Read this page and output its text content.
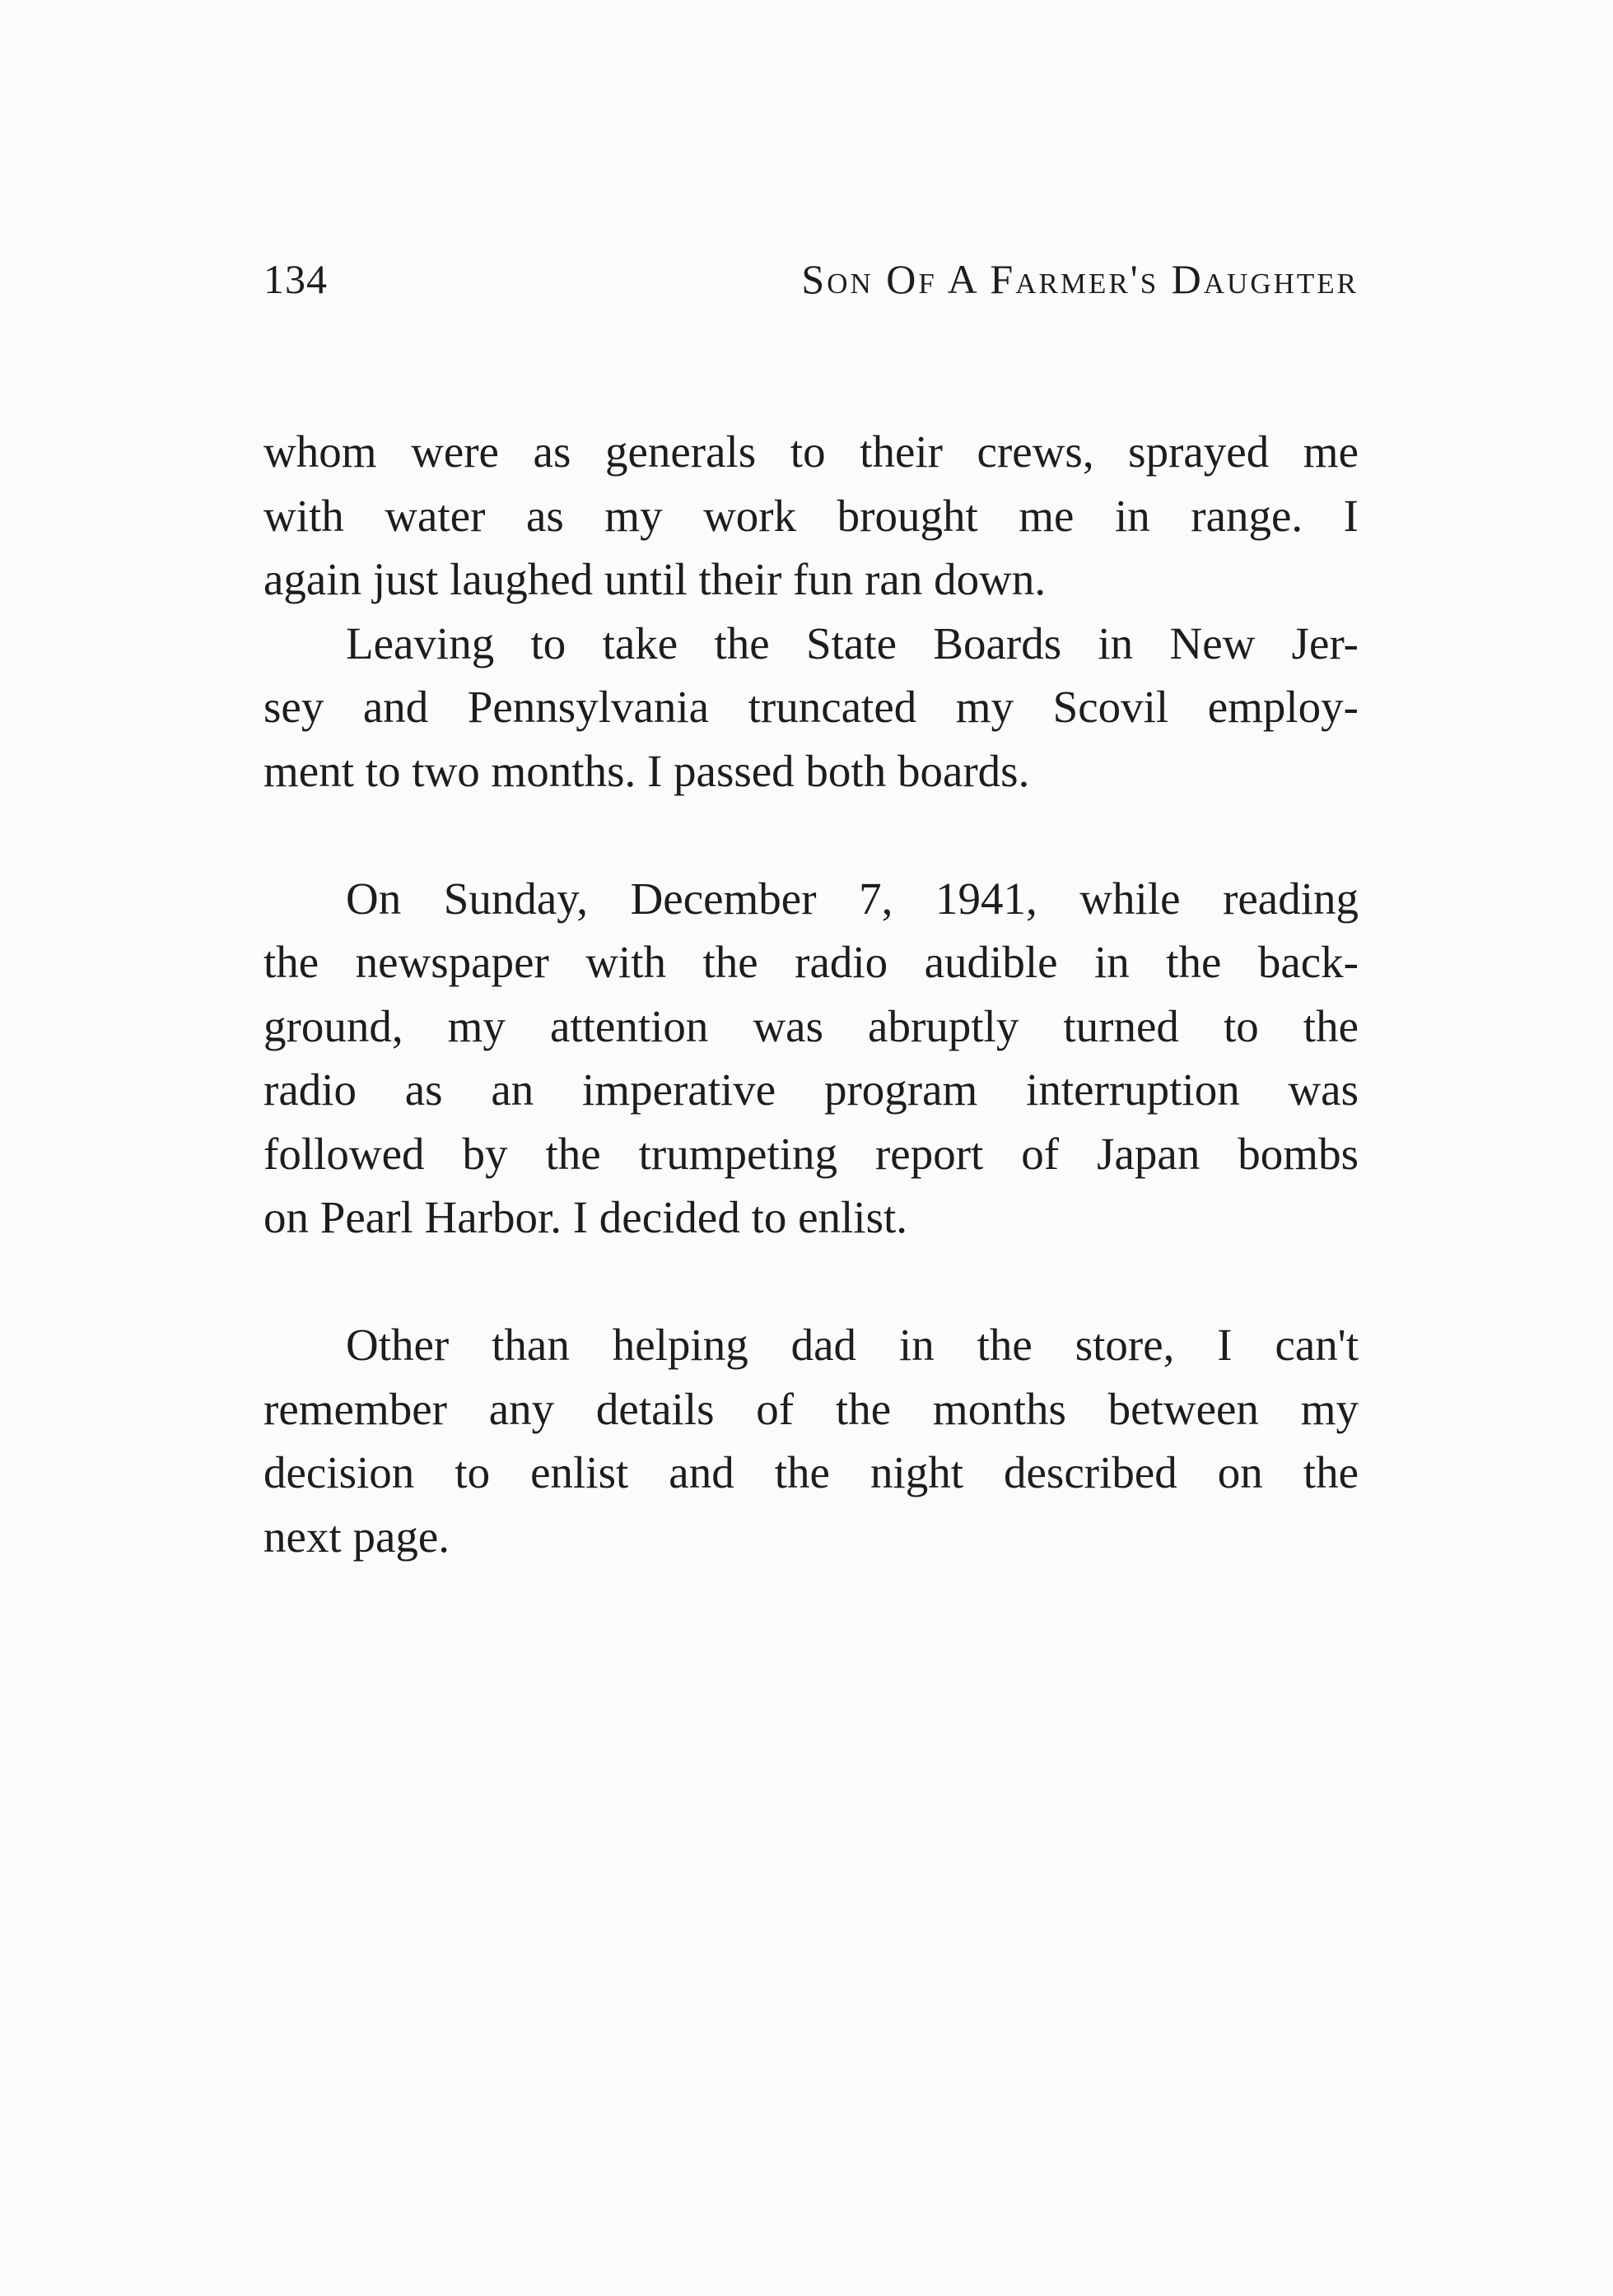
134	Son Of A Farmer's Daughter
whom were as generals to their crews, sprayed me
with water as my work brought me in range. I
again just laughed until their fun ran down.
Leaving to take the State Boards in New Jer-
sey and Pennsylvania truncated my Scovil employ-
ment to two months. I passed both boards.
On Sunday, December 7, 1941, while reading
the newspaper with the radio audible in the back-
ground, my attention was abruptly turned to the
radio as an imperative program interruption was
followed by the trumpeting report of Japan bombs
on Pearl Harbor. I decided to enlist.
Other than helping dad in the store, I can't
remember any details of the months between my
decision to enlist and the night described on the
next page.
